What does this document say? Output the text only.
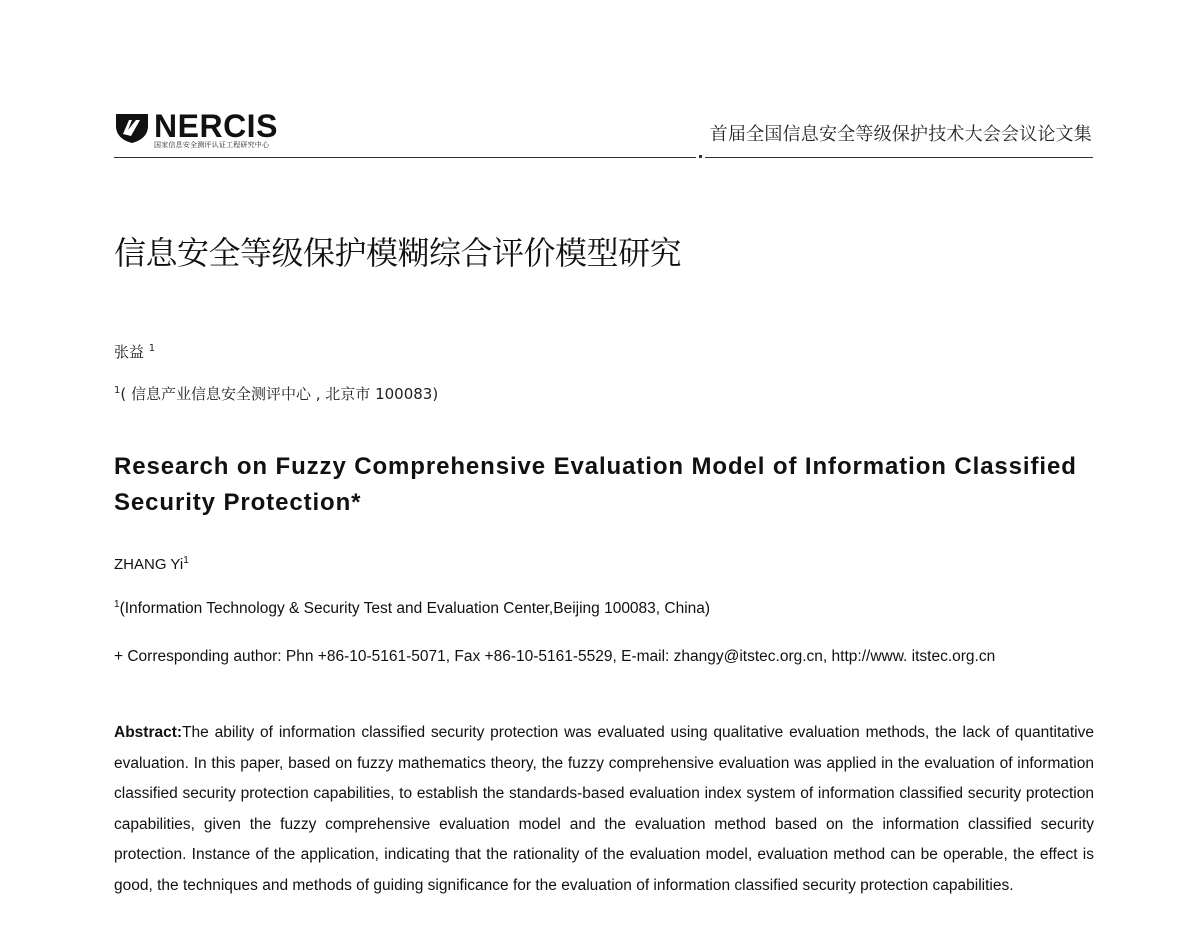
NERCIS
国家信息安全测评认证工程研究中心
首届全国信息安全等级保护技术大会会议论文集
信息安全等级保护模糊综合评价模型研究
张益 $^1$
$^1$( 信息产业信息安全测评中心 , 北京市 100083)
Research on Fuzzy Comprehensive Evaluation Model of Information Classified Security Protection*
ZHANG Yi$^1$
$^1$(Information Technology & Security Test and Evaluation Center,Beijing 100083, China)
+ Corresponding author: Phn +86-10-5161-5071, Fax +86-10-5161-5529, E-mail: zhangy@itstec.org.cn, http://www. itstec.org.cn
Abstract:The ability of information classified security protection was evaluated using qualitative evaluation methods, the lack of quantitative evaluation. In this paper, based on fuzzy mathematics theory, the fuzzy comprehensive evaluation was applied in the evaluation of information classified security protection capabilities, to establish the standards-based evaluation index system of information classified security protection capabilities, given the fuzzy comprehensive evaluation model and the evaluation method based on the information classified security protection. Instance of the application, indicating that the rationality of the evaluation model, evaluation method can be operable, the effect is good, the techniques and methods of guiding significance for the evaluation of information classified security protection capabilities.
